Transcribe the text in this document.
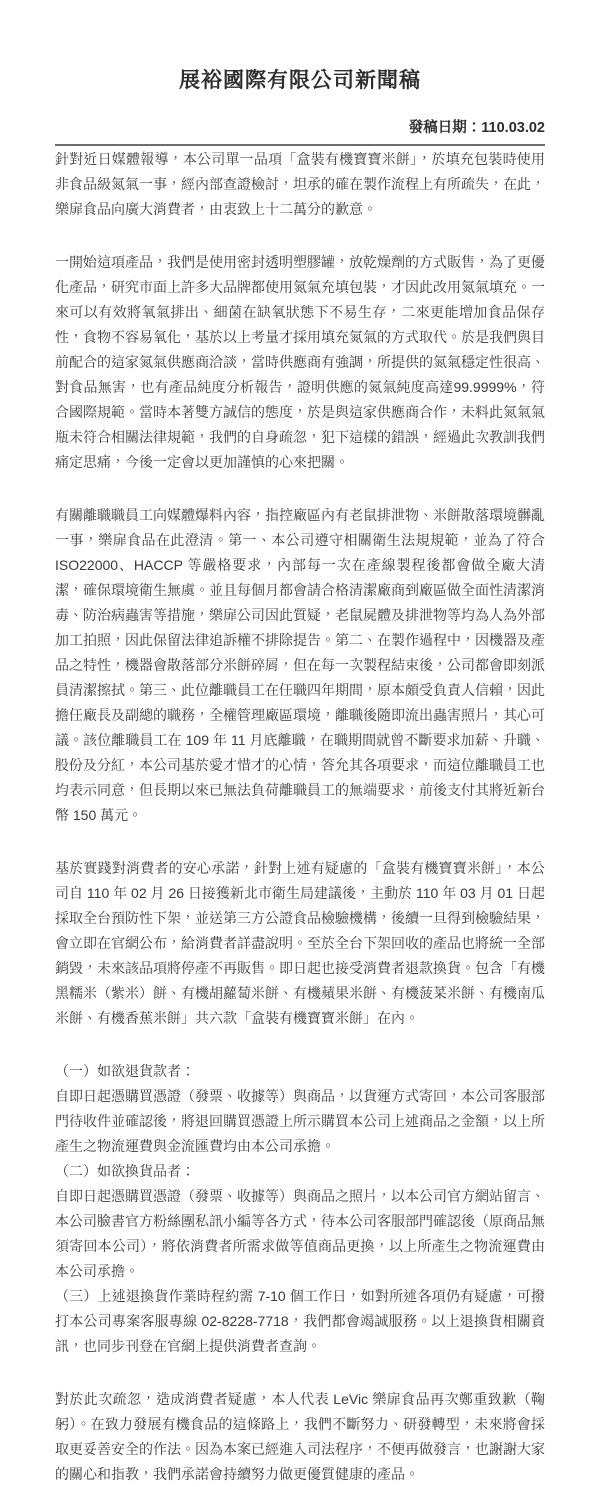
展裕國際有限公司新聞稿
發稿日期：110.03.02

針對近日媒體報導，本公司單一品項「盒裝有機寶寶米餅」，於填充包裝時使用非食品級氮氣一事，經內部查證檢討，坦承的確在製作流程上有所疏失，在此，樂扉食品向廣大消費者，由衷致上十二萬分的歉意。

一開始這項產品，我們是使用密封透明塑膠罐，放乾燥劑的方式販售，為了更優化產品，研究市面上許多大品牌都使用氮氣充填包裝，才因此改用氮氣填充。一來可以有效將氧氣排出、細菌在缺氧狀態下不易生存，二來更能增加食品保存性，食物不容易氧化，基於以上考量才採用填充氮氣的方式取代。於是我們與目前配合的這家氮氣供應商洽談，當時供應商有強調，所提供的氮氣穩定性很高、對食品無害，也有產品純度分析報告，證明供應的氮氣純度高達99.9999%，符合國際規範。當時本著雙方誠信的態度，於是與這家供應商合作，未料此氮氣氣瓶未符合相關法律規範，我們的自身疏忽，犯下這樣的錯誤，經過此次教訓我們痛定思痛，今後一定會以更加謹慎的心來把關。

有關離職職員工向媒體爆料內容，指控廠區內有老鼠排泄物、米餅散落環境髒亂一事，樂扉食品在此澄清。第一、本公司遵守相關衛生法規規範，並為了符合 ISO22000、HACCP 等嚴格要求，內部每一次在產線製程後都會做全廠大清潔，確保環境衛生無虞。並且每個月都會請合格清潔廠商到廠區做全面性清潔消毒、防治病蟲害等措施，樂扉公司因此質疑，老鼠屍體及排泄物等均為人為外部加工拍照，因此保留法律追訴權不排除提告。第二、在製作過程中，因機器及產品之特性，機器會散落部分米餅碎屑，但在每一次製程結束後，公司都會即刻派員清潔擦拭。第三、此位離職員工在任職四年期間，原本頗受負責人信賴，因此擔任廠長及副總的職務，全權管理廠區環境，離職後隨即流出蟲害照片，其心可議。該位離職員工在 109 年 11 月底離職，在職期間就曾不斷要求加薪、升職、股份及分紅，本公司基於愛才惜才的心情，答允其各項要求，而這位離職員工也均表示同意，但長期以來已無法負荷離職員工的無端要求，前後支付其將近新台幣 150 萬元。

基於實踐對消費者的安心承諾，針對上述有疑慮的「盒裝有機寶寶米餅」，本公司自 110 年 02 月 26 日接獲新北市衛生局建議後，主動於 110 年 03 月 01 日起採取全台預防性下架，並送第三方公證食品檢驗機構，後續一旦得到檢驗結果，會立即在官網公布，給消費者詳盡說明。至於全台下架回收的產品也將統一全部銷毀，未來該品項將停產不再販售。即日起也接受消費者退款換貨。包含「有機黑糯米（紫米）餅、有機胡蘿蔔米餅、有機蘋果米餅、有機菠菜米餅、有機南瓜米餅、有機香蕉米餅」共六款「盒裝有機寶寶米餅」在內。

（一）如欲退貨款者：

自即日起憑購買憑證（發票、收據等）與商品，以貨運方式寄回，本公司客服部門待收件並確認後，將退回購買憑證上所示購買本公司上述商品之金額，以上所產生之物流運費與金流匯費均由本公司承擔。

（二）如欲換貨品者：

自即日起憑購買憑證（發票、收據等）與商品之照片，以本公司官方網站留言、本公司臉書官方粉絲團私訊小編等各方式，待本公司客服部門確認後（原商品無須寄回本公司），將依消費者所需求做等值商品更換，以上所產生之物流運費由本公司承擔。

（三）上述退換貨作業時程約需 7-10 個工作日，如對所述各項仍有疑慮，可撥打本公司專案客服專線 02-8228-7718，我們都會竭誠服務。以上退換貨相關資訊，也同步刊登在官網上提供消費者查詢。

對於此次疏忽，造成消費者疑慮，本人代表 LeVic 樂扉食品再次鄭重致歉（鞠躬）。在致力發展有機食品的這條路上，我們不斷努力、研發轉型，未來將會採取更妥善安全的作法。因為本案已經進入司法程序，不便再做發言，也謝謝大家的關心和指教，我們承諾會持續努力做更優質健康的產品。
